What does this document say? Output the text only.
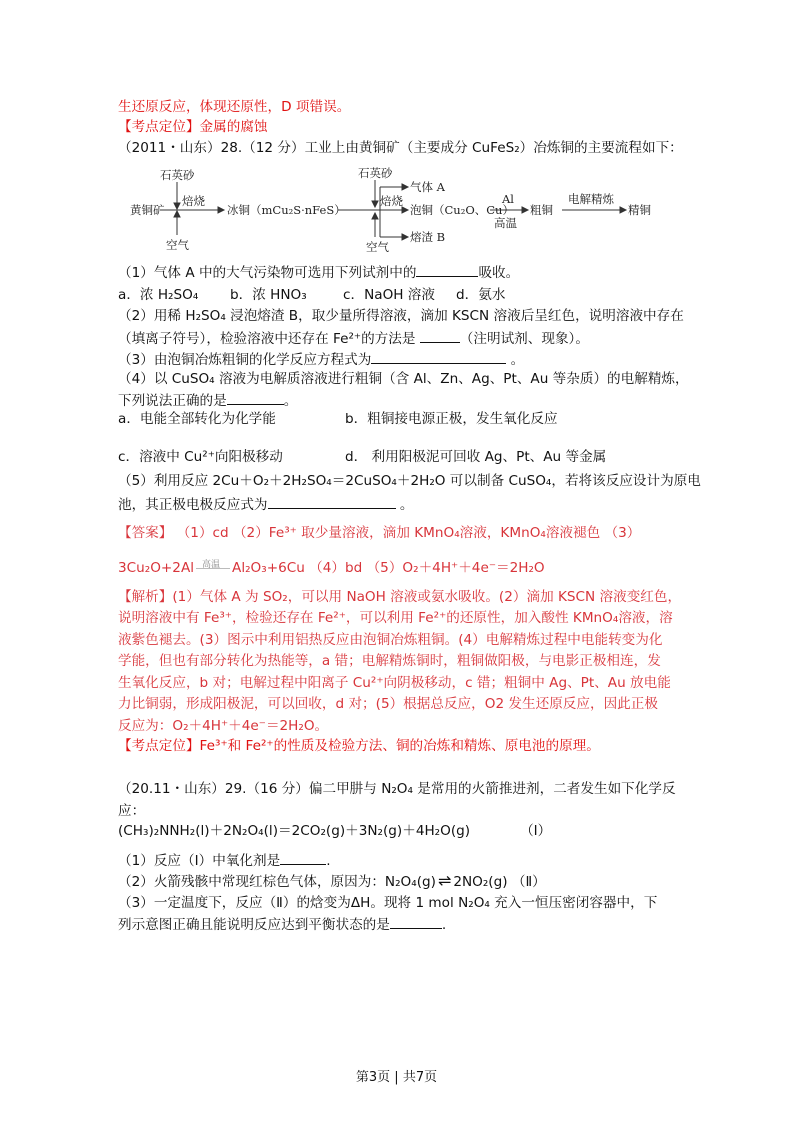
生还原反应，体现还原性，D 项错误。
【考点定位】金属的腐蚀
（2011・山东）28.（12 分）工业上由黄铜矿（主要成分 CuFeS₂）冶炼铜的主要流程如下：
石英砂
焙烧
黄铜矿
空气
冰铜（mCu₂S·nFeS）
石英砂
焙烧
空气
气体 A
泡铜（Cu₂O、Cu）
熔渣 B
Al
高温
粗铜
电解精炼
精铜
（1）气体 A 中的大气污染物可选用下列试剂中的	吸收。
a．浓 H₂SO₄ b．浓 HNO₃	c．NaOH 溶液 d．氨水
（2）用稀 H₂SO₄ 浸泡熔渣 B，取少量所得溶液，滴加 KSCN 溶液后呈红色，说明溶液中存在
（填离子符号），检验溶液中还存在 Fe²⁺的方法是	（注明试剂、现象）。
（3）由泡铜冶炼粗铜的化学反应方程式为	。
（4）以 CuSO₄ 溶液为电解质溶液进行粗铜（含 Al、Zn、Ag、Pt、Au 等杂质）的电解精炼，
下列说法正确的是	。
a．电能全部转化为化学能	b．粗铜接电源正极，发生氧化反应
c．溶液中 Cu²⁺向阳极移动	d． 利用阳极泥可回收 Ag、Pt、Au 等金属
（5）利用反应 2Cu＋O₂＋2H₂SO₄＝2CuSO₄＋2H₂O 可以制备 CuSO₄，若将该反应设计为原电
池，其正极电极反应式为	。
【答案】 （1）cd （2）Fe³⁺ 取少量溶液，滴加 KMnO₄溶液，KMnO₄溶液褪色 （3）
3Cu₂O+2Al 高温 Al₂O₃+6Cu （4）bd （5）O₂＋4H⁺＋4e⁻＝2H₂O
【解析】(1）气体 A 为 SO₂，可以用 NaOH 溶液或氨水吸收。(2）滴加 KSCN 溶液变红色，
说明溶液中有 Fe³⁺，检验还存在 Fe²⁺，可以利用 Fe²⁺的还原性，加入酸性 KMnO₄溶液，溶
液紫色褪去。(3）图示中利用铝热反应由泡铜冶炼粗铜。(4）电解精炼过程中电能转变为化
学能，但也有部分转化为热能等，a 错；电解精炼铜时，粗铜做阳极，与电影正极相连，发
生氧化反应，b 对；电解过程中阳离子 Cu²⁺向阴极移动，c 错；粗铜中 Ag、Pt、Au 放电能
力比铜弱，形成阳极泥，可以回收，d 对；(5）根据总反应，O2 发生还原反应，因此正极
反应为：O₂＋4H⁺＋4e⁻＝2H₂O。
【考点定位】Fe³⁺和 Fe²⁺的性质及检验方法、铜的冶炼和精炼、原电池的原理。
（20.11・山东）29.（16 分）偏二甲肼与 N₂O₄ 是常用的火箭推进剂，二者发生如下化学反
应：
(CH₃)₂NNH₂(l)＋2N₂O₄(l)＝2CO₂(g)＋3N₂(g)＋4H₂O(g)	（Ⅰ）
（1）反应（Ⅰ）中氧化剂是	.
（2）火箭残骸中常现红棕色气体，原因为：N₂O₄(g) ⇌ 2NO₂(g) （Ⅱ）
（3）一定温度下，反应（Ⅱ）的焓变为ΔH。现将 1 mol N₂O₄ 充入一恒压密闭容器中，下
列示意图正确且能说明反应达到平衡状态的是	.
第3页 | 共7页
